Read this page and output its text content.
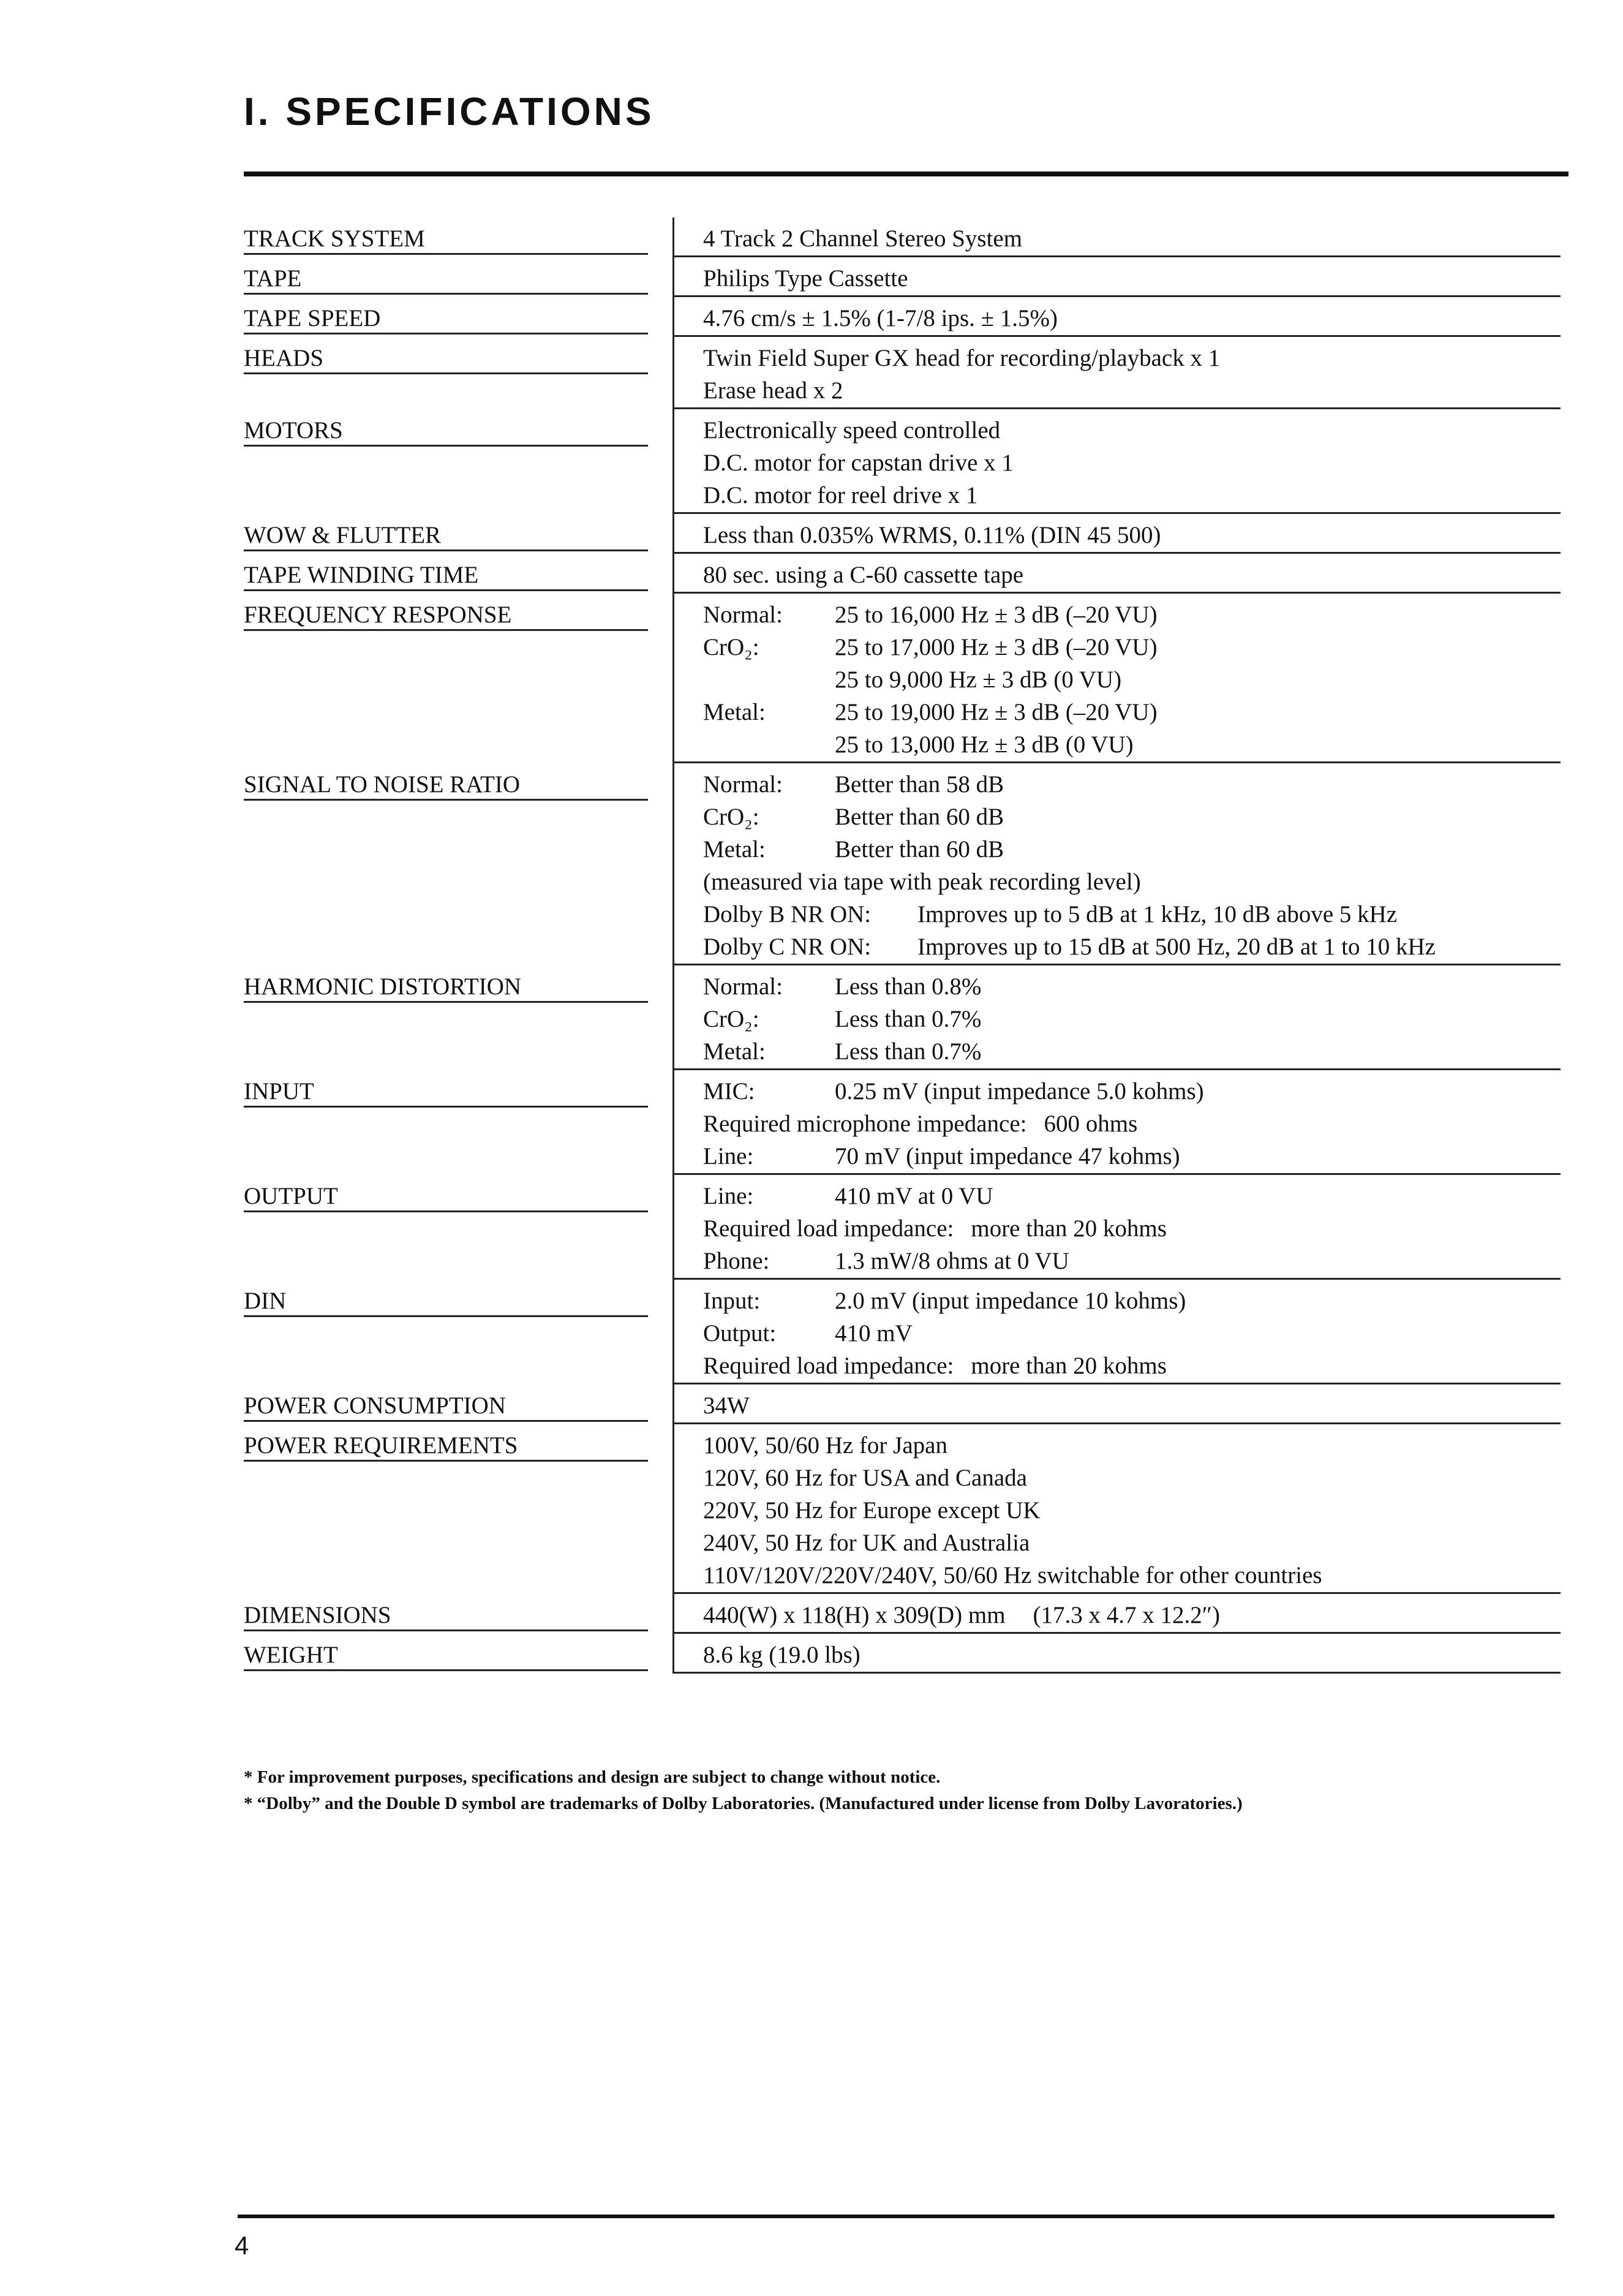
I. SPECIFICATIONS
TRACK SYSTEM	4 Track 2 Channel Stereo System
TAPE	Philips Type Cassette
TAPE SPEED	4.76 cm/s ± 1.5% (1-7/8 ips. ± 1.5%)
HEADS	Twin Field Super GX head for recording/playback x 1
Erase head x 2
MOTORS	Electronically speed controlled
D.C. motor for capstan drive x 1
D.C. motor for reel drive x 1
WOW & FLUTTER	Less than 0.035% WRMS, 0.11% (DIN 45 500)
TAPE WINDING TIME	80 sec. using a C-60 cassette tape
FREQUENCY RESPONSE	Normal: 25 to 16,000 Hz ± 3 dB (–20 VU)
CrO₂:	25 to 17,000 Hz ± 3 dB (–20 VU)
25 to 9,000 Hz ± 3 dB (0 VU)
Metal:	25 to 19,000 Hz ± 3 dB (–20 VU)
25 to 13,000 Hz ± 3 dB (0 VU)
SIGNAL TO NOISE RATIO	Normal: Better than 58 dB
CrO₂:	Better than 60 dB
Metal:	Better than 60 dB
(measured via tape with peak recording level)
Dolby B NR ON: Improves up to 5 dB at 1 kHz, 10 dB above 5 kHz
Dolby C NR ON: Improves up to 15 dB at 500 Hz, 20 dB at 1 to 10 kHz
HARMONIC DISTORTION	Normal: Less than 0.8%
CrO₂:	Less than 0.7%
Metal:	Less than 0.7%
INPUT	MIC:	0.25 mV (input impedance 5.0 kohms)
Required microphone impedance: 600 ohms
Line:	70 mV (input impedance 47 kohms)
OUTPUT	Line:	410 mV at 0 VU
Required load impedance: more than 20 kohms
Phone:	1.3 mW/8 ohms at 0 VU
DIN	Input:	2.0 mV (input impedance 10 kohms)
Output: 410 mV
Required load impedance: more than 20 kohms
POWER CONSUMPTION	34W
POWER REQUIREMENTS	100V, 50/60 Hz for Japan
120V, 60 Hz for USA and Canada
220V, 50 Hz for Europe except UK
240V, 50 Hz for UK and Australia
110V/120V/220V/240V, 50/60 Hz switchable for other countries
DIMENSIONS	440(W) x 118(H) x 309(D) mm (17.3 x 4.7 x 12.2″)
WEIGHT	8.6 kg (19.0 lbs)
* For improvement purposes, specifications and design are subject to change without notice.
* “Dolby” and the Double D symbol are trademarks of Dolby Laboratories. (Manufactured under license from Dolby Lavoratories.)
4
